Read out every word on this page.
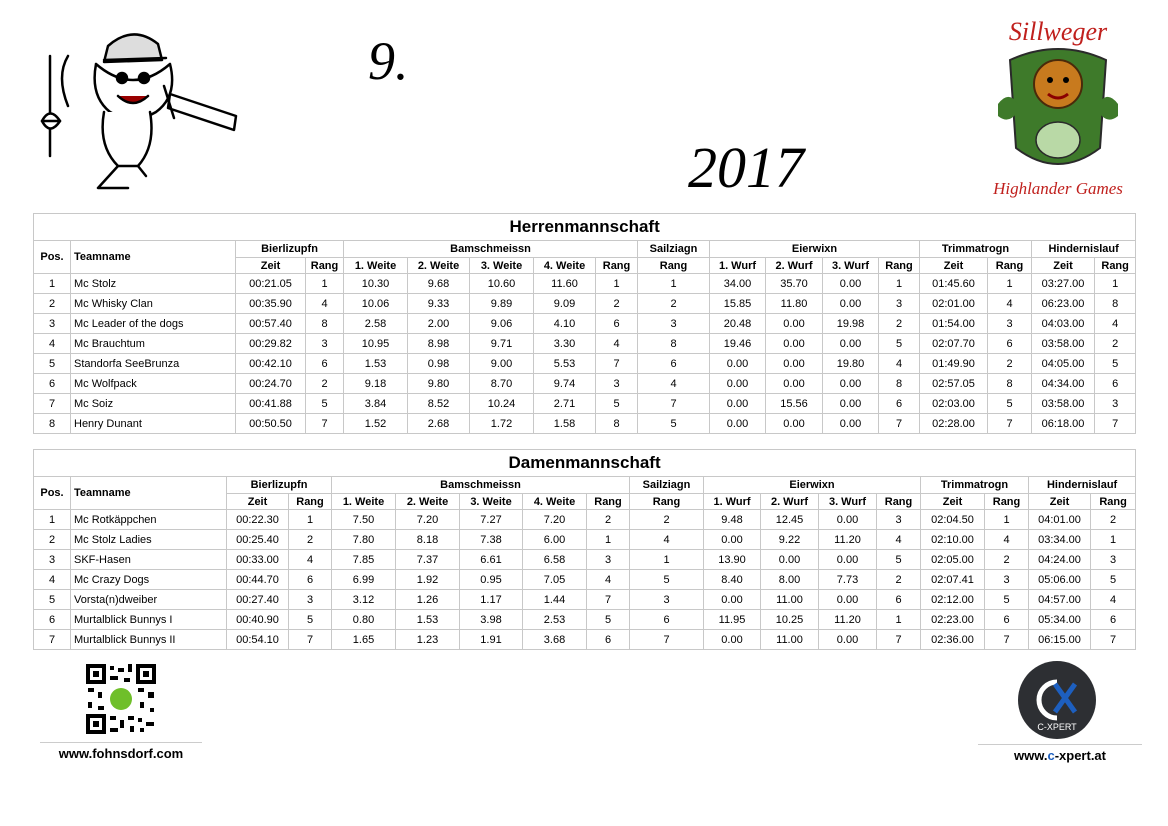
9.
2017
Sillweger
Highlander Games
Herrenmannschaft																	
Pos.	Teamname	Bierlizupfn		Bamschmeissn					Sailziagn	Eierwixn				Trimmatrogn		Hindernislauf	
		Zeit	Rang	1. Weite	2. Weite	3. Weite	4. Weite	Rang	Rang	1. Wurf	2. Wurf	3. Wurf	Rang	Zeit	Rang	Zeit	Rang
1	Mc Stolz	00:21.05	1	10.30	9.68	10.60	11.60	1	1	34.00	35.70	0.00	1	01:45.60	1	03:27.00	1
2	Mc Whisky Clan	00:35.90	4	10.06	9.33	9.89	9.09	2	2	15.85	11.80	0.00	3	02:01.00	4	06:23.00	8
3	Mc Leader of the dogs	00:57.40	8	2.58	2.00	9.06	4.10	6	3	20.48	0.00	19.98	2	01:54.00	3	04:03.00	4
4	Mc Brauchtum	00:29.82	3	10.95	8.98	9.71	3.30	4	8	19.46	0.00	0.00	5	02:07.70	6	03:58.00	2
5	Standorfa SeeBrunza	00:42.10	6	1.53	0.98	9.00	5.53	7	6	0.00	0.00	19.80	4	01:49.90	2	04:05.00	5
6	Mc Wolfpack	00:24.70	2	9.18	9.80	8.70	9.74	3	4	0.00	0.00	0.00	8	02:57.05	8	04:34.00	6
7	Mc Soiz	00:41.88	5	3.84	8.52	10.24	2.71	5	7	0.00	15.56	0.00	6	02:03.00	5	03:58.00	3
8	Henry Dunant	00:50.50	7	1.52	2.68	1.72	1.58	8	5	0.00	0.00	0.00	7	02:28.00	7	06:18.00	7
Damenmannschaft																	
Pos.	Teamname	Bierlizupfn		Bamschmeissn					Sailziagn	Eierwixn				Trimmatrogn		Hindernislauf	
		Zeit	Rang	1. Weite	2. Weite	3. Weite	4. Weite	Rang	Rang	1. Wurf	2. Wurf	3. Wurf	Rang	Zeit	Rang	Zeit	Rang
1	Mc Rotkäppchen	00:22.30	1	7.50	7.20	7.27	7.20	2	2	9.48	12.45	0.00	3	02:04.50	1	04:01.00	2
2	Mc Stolz Ladies	00:25.40	2	7.80	8.18	7.38	6.00	1	4	0.00	9.22	11.20	4	02:10.00	4	03:34.00	1
3	SKF-Hasen	00:33.00	4	7.85	7.37	6.61	6.58	3	1	13.90	0.00	0.00	5	02:05.00	2	04:24.00	3
4	Mc Crazy Dogs	00:44.70	6	6.99	1.92	0.95	7.05	4	5	8.40	8.00	7.73	2	02:07.41	3	05:06.00	5
5	Vorsta(n)dweiber	00:27.40	3	3.12	1.26	1.17	1.44	7	3	0.00	11.00	0.00	6	02:12.00	5	04:57.00	4
6	Murtalblick Bunnys I	00:40.90	5	0.80	1.53	3.98	2.53	5	6	11.95	10.25	11.20	1	02:23.00	6	05:34.00	6
7	Murtalblick Bunnys II	00:54.10	7	1.65	1.23	1.91	3.68	6	7	0.00	11.00	0.00	7	02:36.00	7	06:15.00	7
www.fohnsdorf.com
C-XPERT
www.c-xpert.at
